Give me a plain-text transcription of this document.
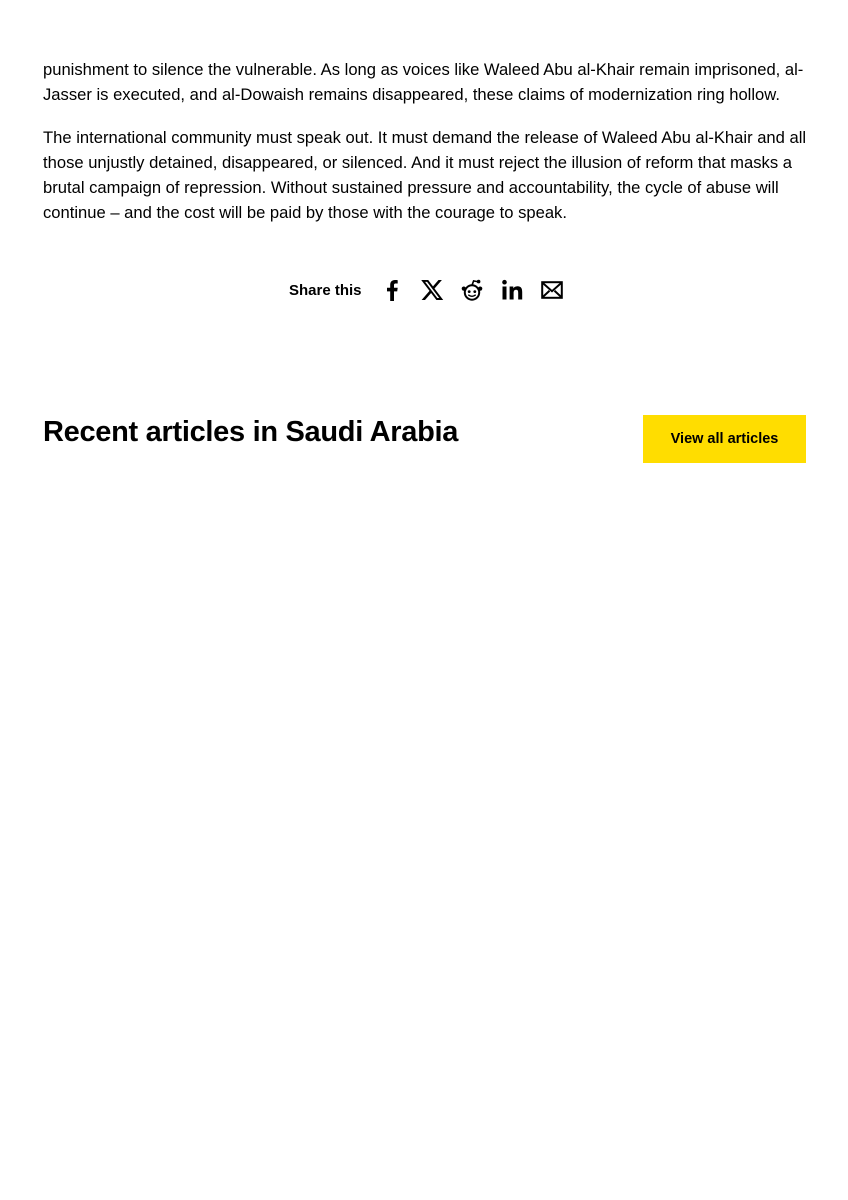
punishment to silence the vulnerable. As long as voices like Waleed Abu al-Khair remain imprisoned, al-Jasser is executed, and al-Dowaish remains disappeared, these claims of modernization ring hollow.

The international community must speak out. It must demand the release of Waleed Abu al-Khair and all those unjustly detained, disappeared, or silenced. And it must reject the illusion of reform that masks a brutal campaign of repression. Without sustained pressure and accountability, the cycle of abuse will continue – and the cost will be paid by those with the courage to speak.

Share this
Recent articles in Saudi Arabia	View all articles
